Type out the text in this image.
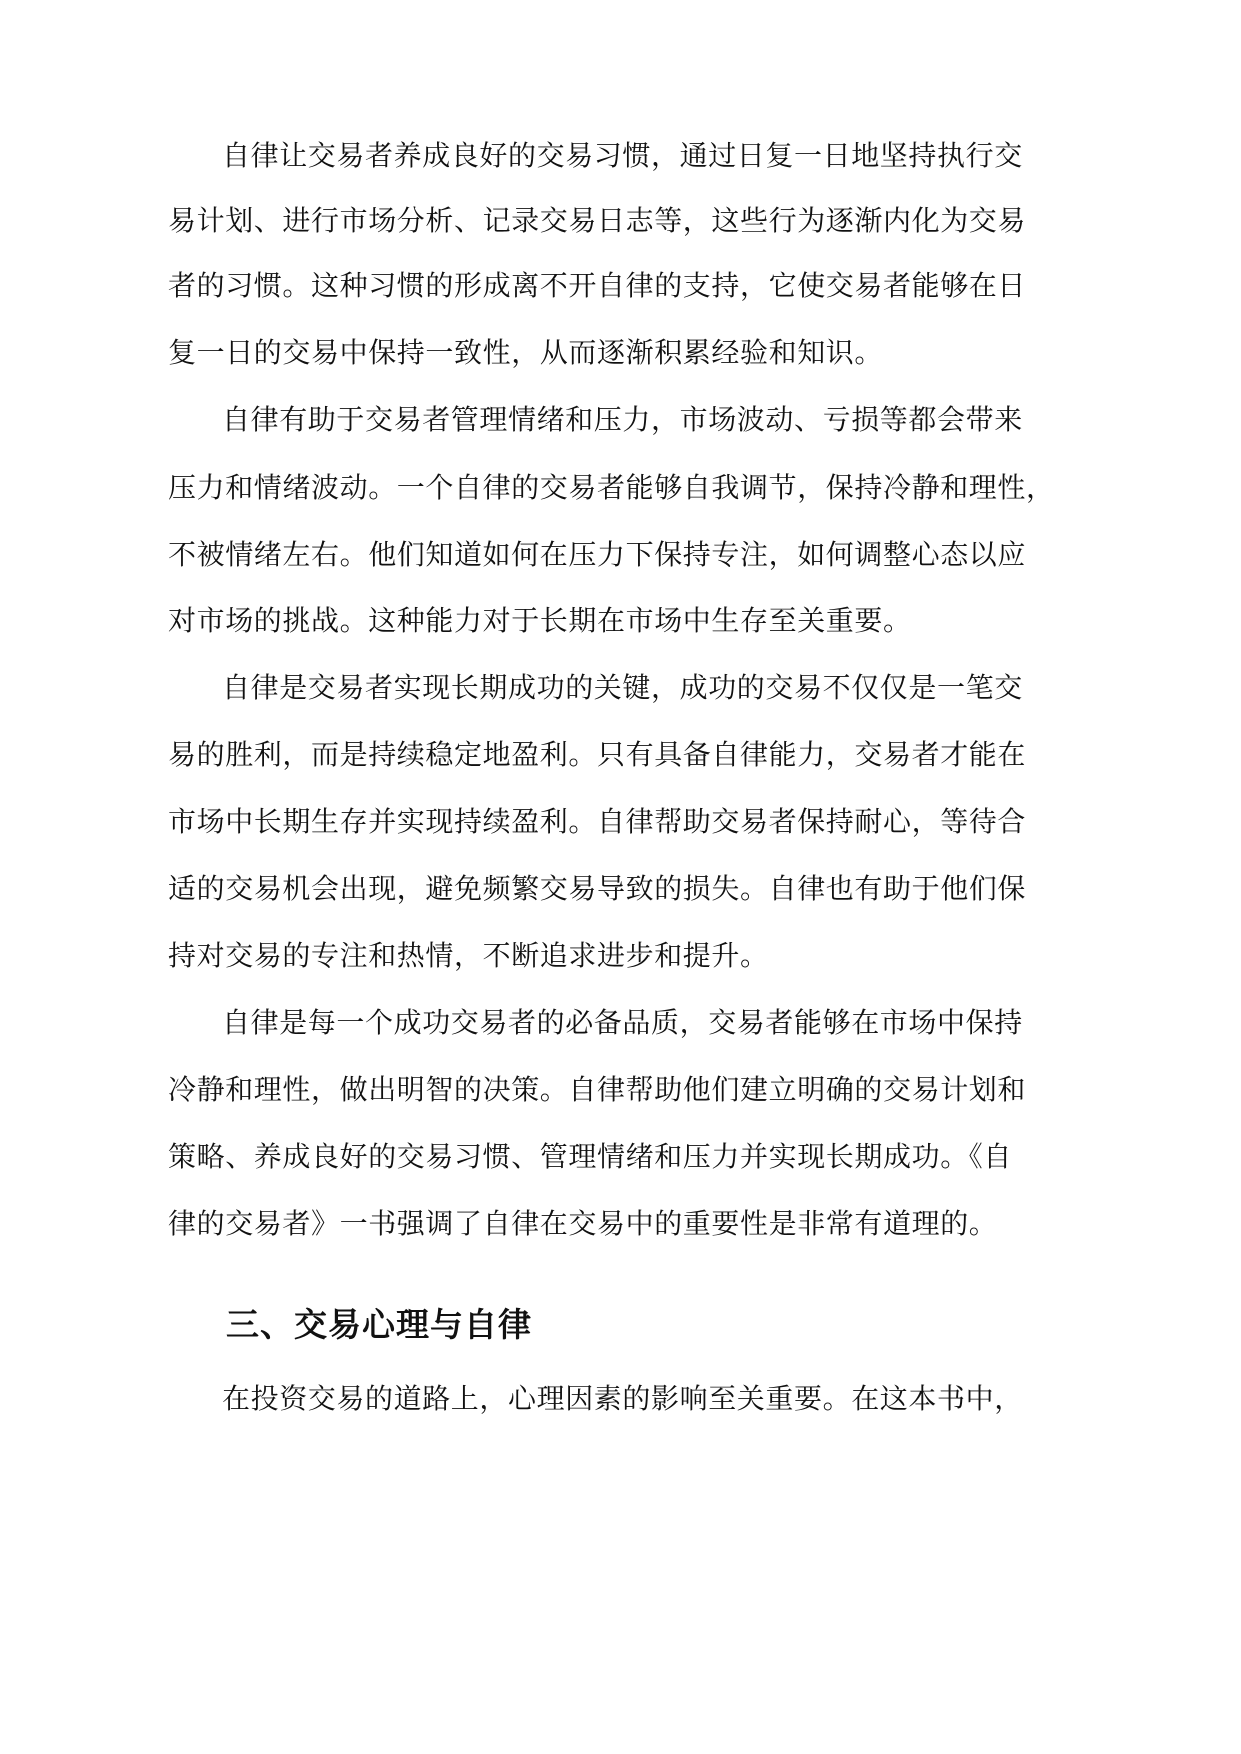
自律让交易者养成良好的交易习惯，通过日复一日地坚持执行交
易计划、进行市场分析、记录交易日志等，这些行为逐渐内化为交易
者的习惯。这种习惯的形成离不开自律的支持，它使交易者能够在日
复一日的交易中保持一致性，从而逐渐积累经验和知识。
自律有助于交易者管理情绪和压力，市场波动、亏损等都会带来
压力和情绪波动。一个自律的交易者能够自我调节，保持冷静和理性，
不被情绪左右。他们知道如何在压力下保持专注，如何调整心态以应
对市场的挑战。这种能力对于长期在市场中生存至关重要。
自律是交易者实现长期成功的关键，成功的交易不仅仅是一笔交
易的胜利，而是持续稳定地盈利。只有具备自律能力，交易者才能在
市场中长期生存并实现持续盈利。自律帮助交易者保持耐心，等待合
适的交易机会出现，避免频繁交易导致的损失。自律也有助于他们保
持对交易的专注和热情，不断追求进步和提升。
自律是每一个成功交易者的必备品质，交易者能够在市场中保持
冷静和理性，做出明智的决策。自律帮助他们建立明确的交易计划和
策略、养成良好的交易习惯、管理情绪和压力并实现长期成功。《自
律的交易者》一书强调了自律在交易中的重要性是非常有道理的。
三、交易心理与自律
在投资交易的道路上，心理因素的影响至关重要。在这本书中，
